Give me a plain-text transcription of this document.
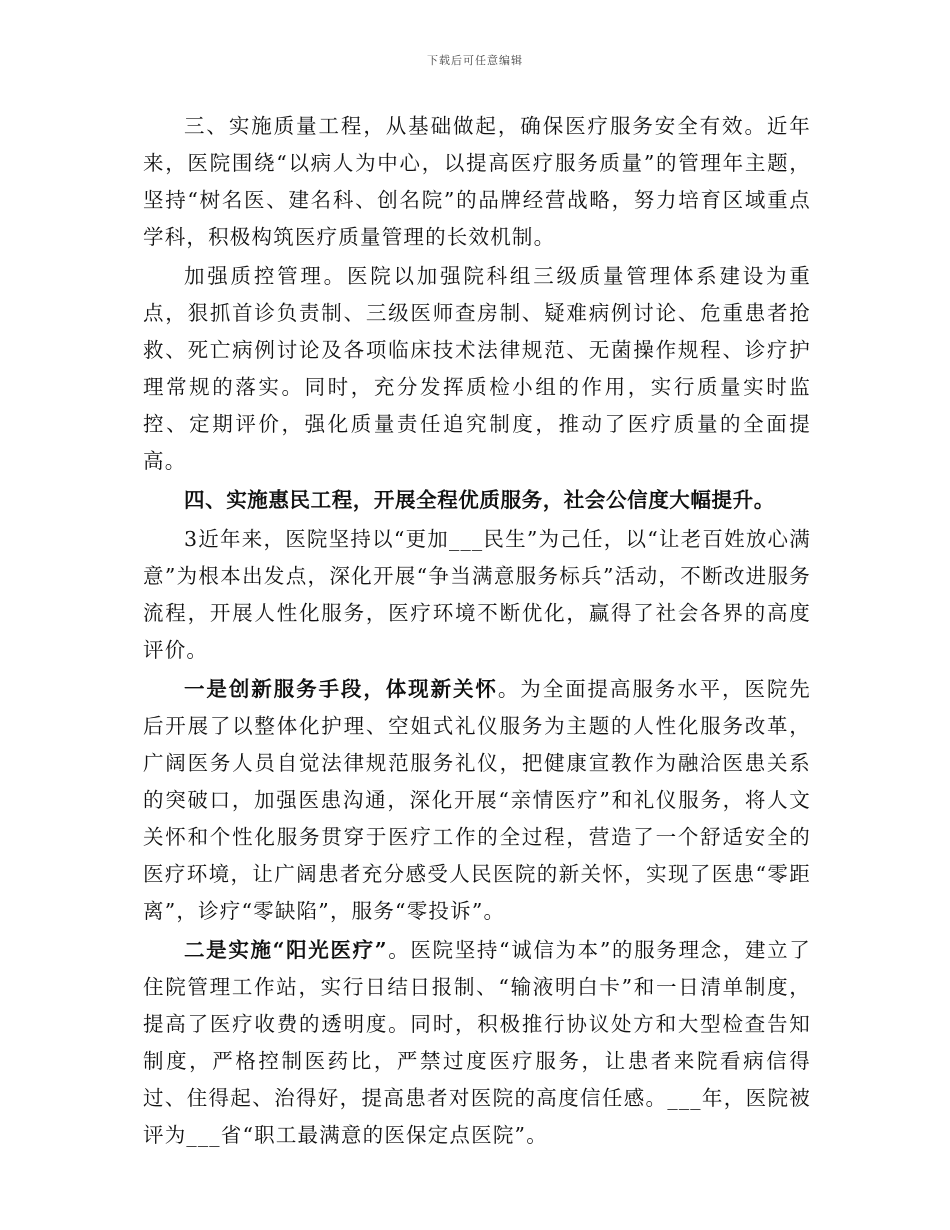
下载后可任意编辑

三、实施质量工程，从基础做起，确保医疗服务安全有效。近年来，医院围绕“以病人为中心，以提高医疗服务质量”的管理年主题，坚持“树名医、建名科、创名院”的品牌经营战略，努力培育区域重点学科，积极构筑医疗质量管理的长效机制。

加强质控管理。医院以加强院科组三级质量管理体系建设为重点，狠抓首诊负责制、三级医师查房制、疑难病例讨论、危重患者抢救、死亡病例讨论及各项临床技术法律规范、无菌操作规程、诊疗护理常规的落实。同时，充分发挥质检小组的作用，实行质量实时监控、定期评价，强化质量责任追究制度，推动了医疗质量的全面提高。

四、实施惠民工程，开展全程优质服务，社会公信度大幅提升。

3近年来，医院坚持以“更加___民生”为己任，以“让老百姓放心满意”为根本出发点，深化开展“争当满意服务标兵”活动，不断改进服务流程，开展人性化服务，医疗环境不断优化，赢得了社会各界的高度评价。

一是创新服务手段，体现新关怀。为全面提高服务水平，医院先后开展了以整体化护理、空姐式礼仪服务为主题的人性化服务改革，广阔医务人员自觉法律规范服务礼仪，把健康宣教作为融洽医患关系的突破口，加强医患沟通，深化开展“亲情医疗”和礼仪服务，将人文关怀和个性化服务贯穿于医疗工作的全过程，营造了一个舒适安全的医疗环境，让广阔患者充分感受人民医院的新关怀，实现了医患“零距离”，诊疗“零缺陷”，服务“零投诉”。

二是实施“阳光医疗”。医院坚持“诚信为本”的服务理念，建立了住院管理工作站，实行日结日报制、“输液明白卡”和一日清单制度，提高了医疗收费的透明度。同时，积极推行协议处方和大型检查告知制度，严格控制医药比，严禁过度医疗服务，让患者来院看病信得过、住得起、治得好，提高患者对医院的高度信任感。___年，医院被评为___省“职工最满意的医保定点医院”。
